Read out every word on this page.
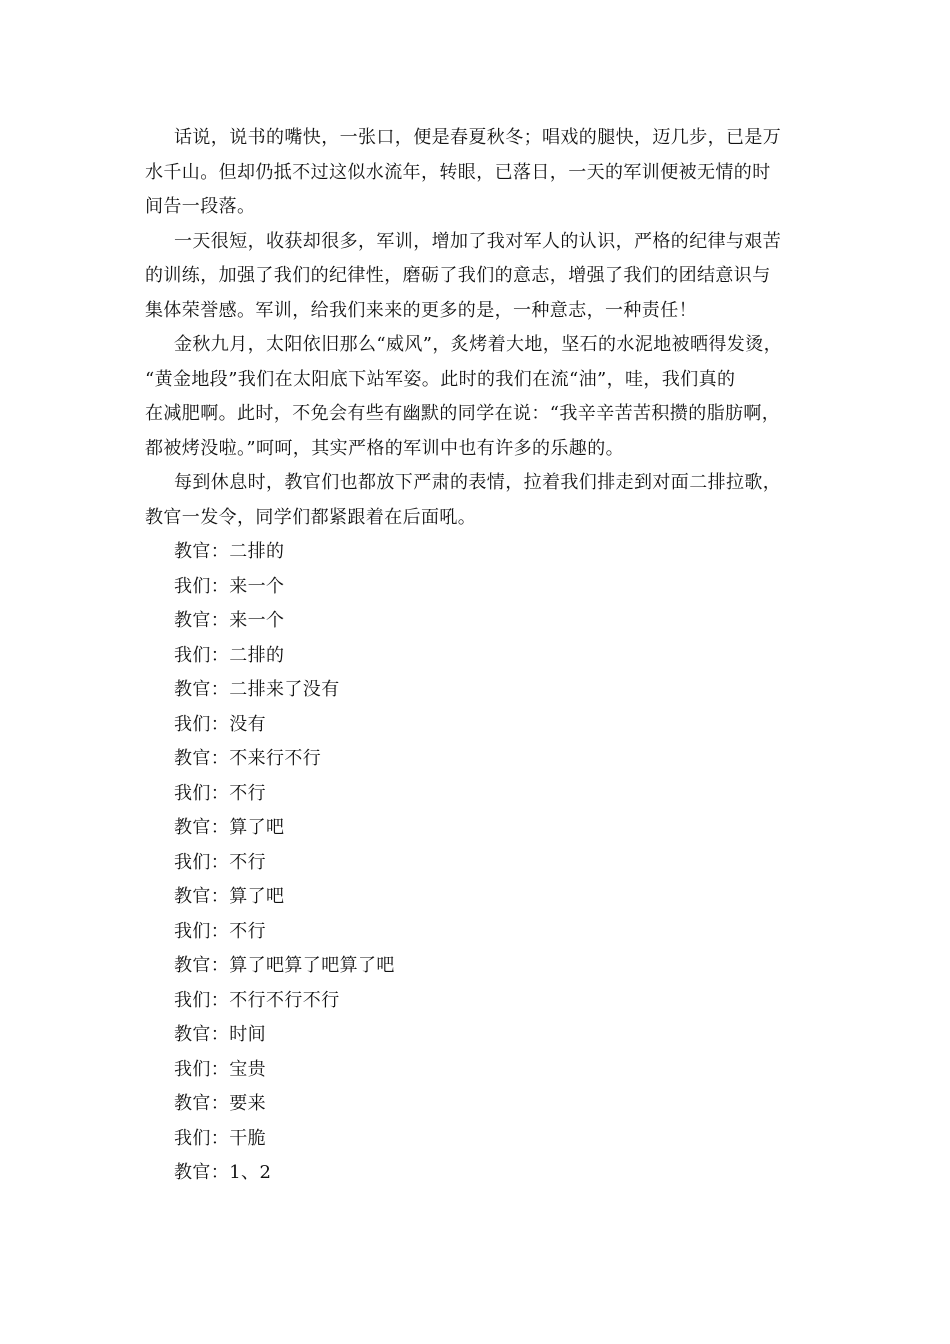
话说，说书的嘴快，一张口，便是春夏秋冬；唱戏的腿快，迈几步，已是万
水千山。但却仍抵不过这似水流年，转眼，已落日，一天的军训便被无情的时
间告一段落。
一天很短，收获却很多，军训，增加了我对军人的认识，严格的纪律与艰苦
的训练，加强了我们的纪律性，磨砺了我们的意志，增强了我们的团结意识与
集体荣誉感。军训，给我们来来的更多的是，一种意志，一种责任！
金秋九月，太阳依旧那么“威风”，炙烤着大地，坚石的水泥地被晒得发烫，
“黄金地段”我们在太阳底下站军姿。此时的我们在流“油”，哇，我们真的
在减肥啊。此时，不免会有些有幽默的同学在说：“我辛辛苦苦积攒的脂肪啊，
都被烤没啦。”呵呵，其实严格的军训中也有许多的乐趣的。
每到休息时，教官们也都放下严肃的表情，拉着我们排走到对面二排拉歌，
教官一发令，同学们都紧跟着在后面吼。
教官：二排的
我们：来一个
教官：来一个
我们：二排的
教官：二排来了没有
我们：没有
教官：不来行不行
我们：不行
教官：算了吧
我们：不行
教官：算了吧
我们：不行
教官：算了吧算了吧算了吧
我们：不行不行不行
教官：时间
我们：宝贵
教官：要来
我们：干脆
教官：1、2
